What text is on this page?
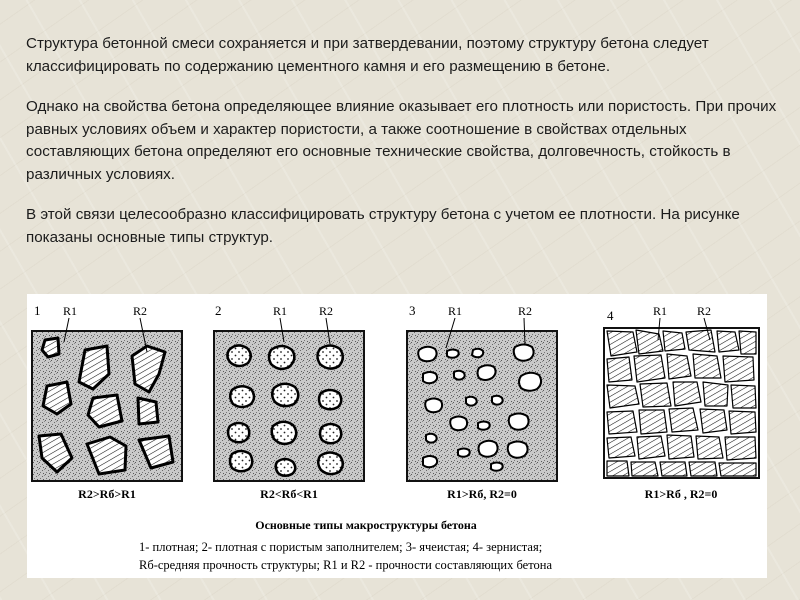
Структура бетонной смеси сохраняется и при затвердевании, поэтому структуру бетона следует классифицировать по содержанию цементного камня и его размещению в бетоне.

Однако на свойства бетона определяющее влияние оказывает его плотность или пористость. При прочих равных условиях объем и характер пористости, а также соотношение в свойствах отдельных составляющих бетона определяют его основные технические свойства, долговечность, стойкость в различных условиях.

В этой связи целесообразно классифицировать структуру бетона с учетом ее плотности. На рисунке показаны основные типы структур.

1 R1	R2
R2>Rб>R1
2	R1	R2
R2<Rб<R1
3	R1	R2
R1>Rб, R2=0
4	R1 R2
R1>Rб , R2=0
Основные типы макроструктуры бетона
1- плотная; 2- плотная с пористым заполнителем; 3- ячеистая; 4- зернистая;
Rб-средняя прочность структуры; R1 и R2 - прочности составляющих бетона
